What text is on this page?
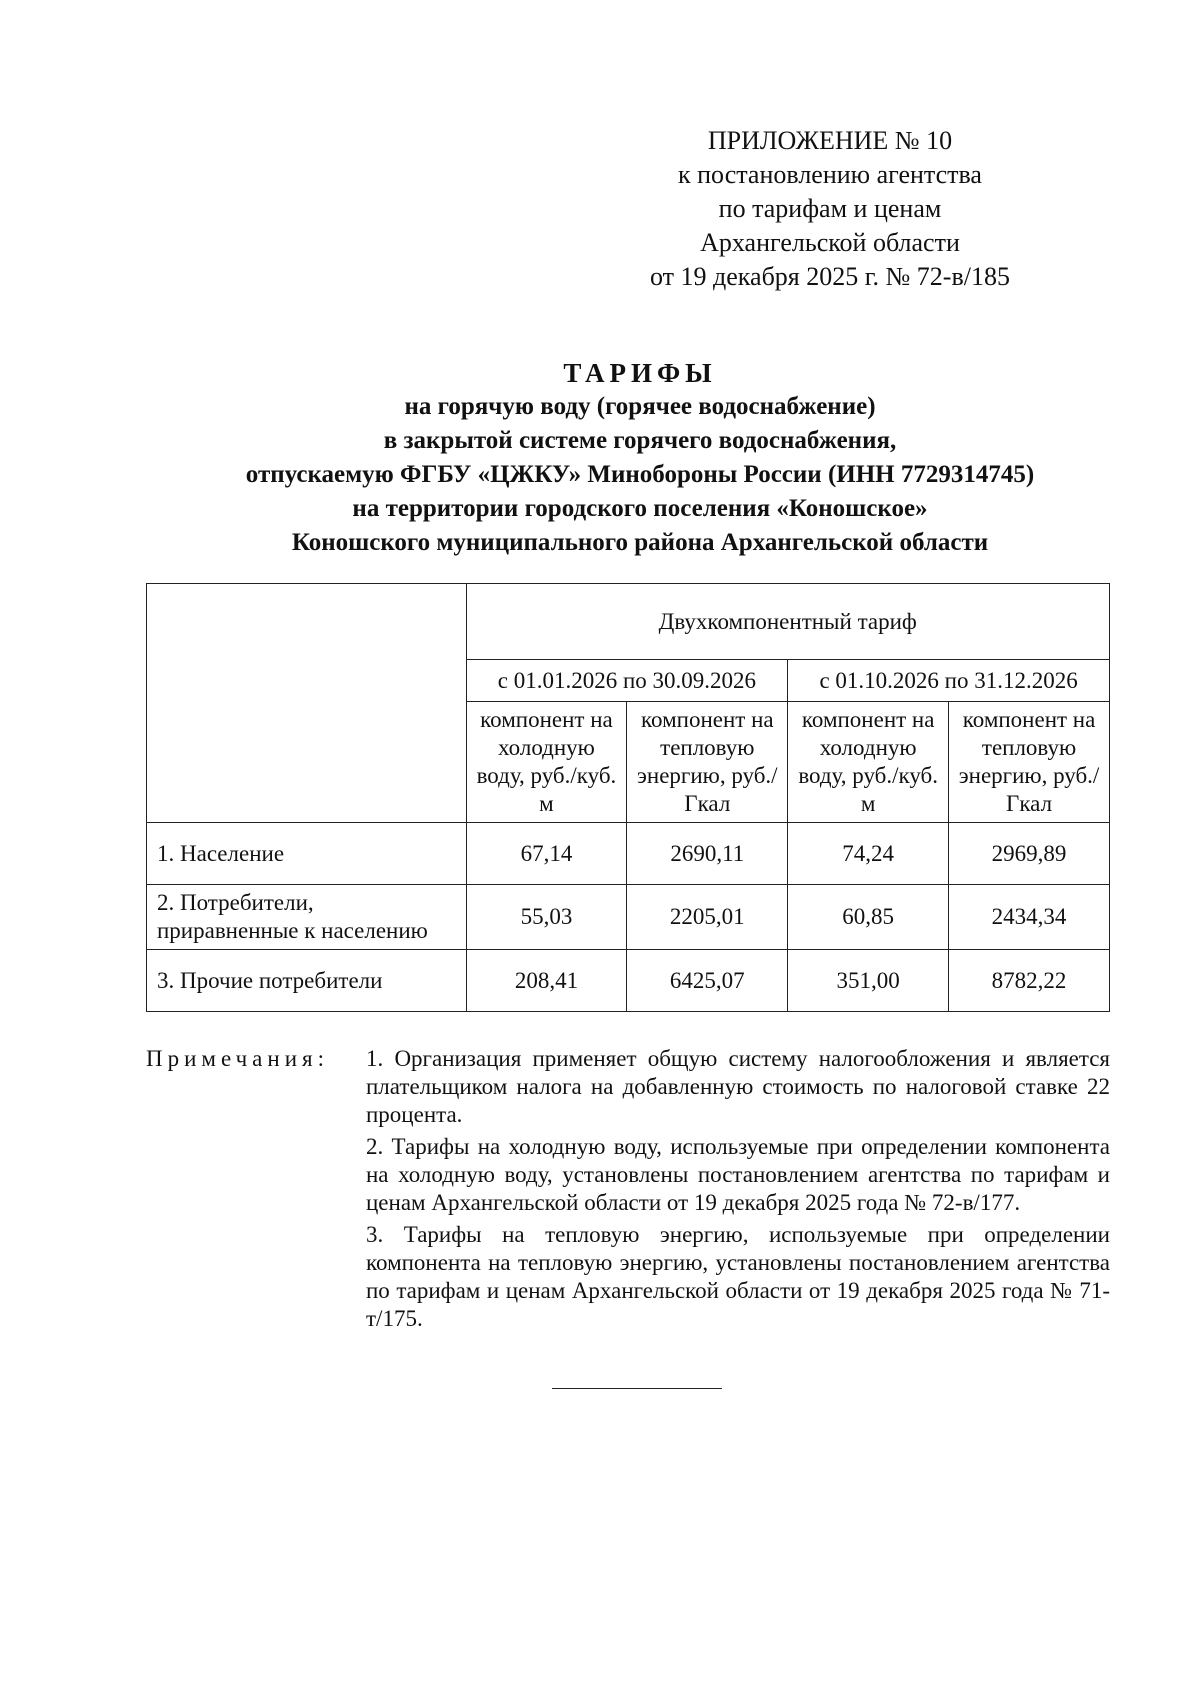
ПРИЛОЖЕНИЕ № 10
к постановлению агентства
по тарифам и ценам
Архангельской области
от 19 декабря 2025 г. № 72-в/185
ТАРИФЫ
на горячую воду (горячее водоснабжение)
в закрытой системе горячего водоснабжения,
отпускаемую ФГБУ «ЦЖКУ» Минобороны России (ИНН 7729314745)
на территории городского поселения «Коношское»
Коношского муниципального района Архангельской области
	Двухкомпонентный тариф			
	с 01.01.2026 по 30.09.2026		с 01.10.2026 по 31.12.2026	
	компонент на холодную воду, руб./куб. м	компонент на тепловую энергию, руб./Гкал	компонент на холодную воду, руб./куб. м	компонент на тепловую энергию, руб./Гкал
1. Население	67,14	2690,11	74,24	2969,89
2. Потребители, приравненные к населению	55,03	2205,01	60,85	2434,34
3. Прочие потребители	208,41	6425,07	351,00	8782,22
Примечания: 1. Организация применяет общую систему налогообложения и является плательщиком налога на добавленную стоимость по налоговой ставке 22 процента.

2. Тарифы на холодную воду, используемые при определении компонента на холодную воду, установлены постановлением агентства по тарифам и ценам Архангельской области от 19 декабря 2025 года № 72-в/177.

3. Тарифы на тепловую энергию, используемые при определении компонента на тепловую энергию, установлены постановлением агентства по тарифам и ценам Архангельской области от 19 декабря 2025 года № 71-т/175.
